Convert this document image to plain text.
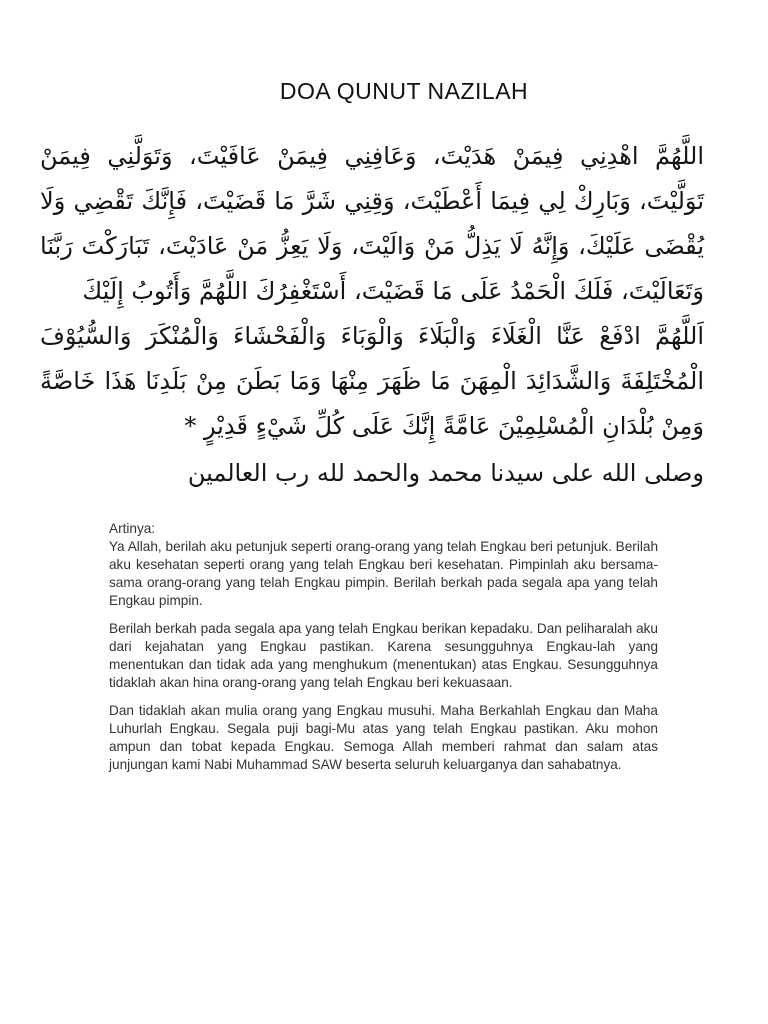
DOA QUNUT NAZILAH

اللَّهُمَّ اهْدِنِي فِيمَنْ هَدَيْتَ، وَعَافِنِي فِيمَنْ عَافَيْتَ، وَتَوَلَّنِي فِيمَنْ تَوَلَّيْتَ، وَبَارِكْ لِي فِيمَا أَعْطَيْتَ، وَقِنِي شَرَّ مَا قَضَيْتَ، فَإِنَّكَ تَقْضِي وَلَا يُقْضَى عَلَيْكَ، وَإِنَّهُ لَا يَذِلُّ مَنْ وَالَيْتَ، وَلَا يَعِزُّ مَنْ عَادَيْتَ، تَبَارَكْتَ رَبَّنَا وَتَعَالَيْتَ، فَلَكَ الْحَمْدُ عَلَى مَا قَضَيْتَ، أَسْتَغْفِرُكَ اللَّهُمَّ وَأَتُوبُ إِلَيْكَ

اَللَّهُمَّ ادْفَعْ عَنَّا الْغَلَاءَ وَالْبَلَاءَ وَالْوَبَاءَ وَالْفَحْشَاءَ وَالْمُنْكَرَ وَالسُّيُوْفَ الْمُخْتَلِفَةَ وَالشَّدَائِدَ الْمِهَنَ مَا ظَهَرَ مِنْهَا وَمَا بَطَنَ مِنْ بَلَدِنَا هَذَا خَاصَّةً وَمِنْ بُلْدَانِ الْمُسْلِمِيْنَ عَامَّةً إِنَّكَ عَلَى كُلِّ شَيْءٍ قَدِيْرٍ *

وصلى الله على سيدنا محمد والحمد لله رب العالمين

Artinya:

Ya Allah, berilah aku petunjuk seperti orang-orang yang telah Engkau beri petunjuk. Berilah aku kesehatan seperti orang yang telah Engkau beri kesehatan. Pimpinlah aku bersama-sama orang-orang yang telah Engkau pimpin. Berilah berkah pada segala apa yang telah Engkau pimpin.

Berilah berkah pada segala apa yang telah Engkau berikan kepadaku. Dan peliharalah aku dari kejahatan yang Engkau pastikan. Karena sesungguhnya Engkau-lah yang menentukan dan tidak ada yang menghukum (menentukan) atas Engkau. Sesungguhnya tidaklah akan hina orang-orang yang telah Engkau beri kekuasaan.

Dan tidaklah akan mulia orang yang Engkau musuhi. Maha Berkahlah Engkau dan Maha Luhurlah Engkau. Segala puji bagi-Mu atas yang telah Engkau pastikan. Aku mohon ampun dan tobat kepada Engkau. Semoga Allah memberi rahmat dan salam atas junjungan kami Nabi Muhammad SAW beserta seluruh keluarganya dan sahabatnya.
